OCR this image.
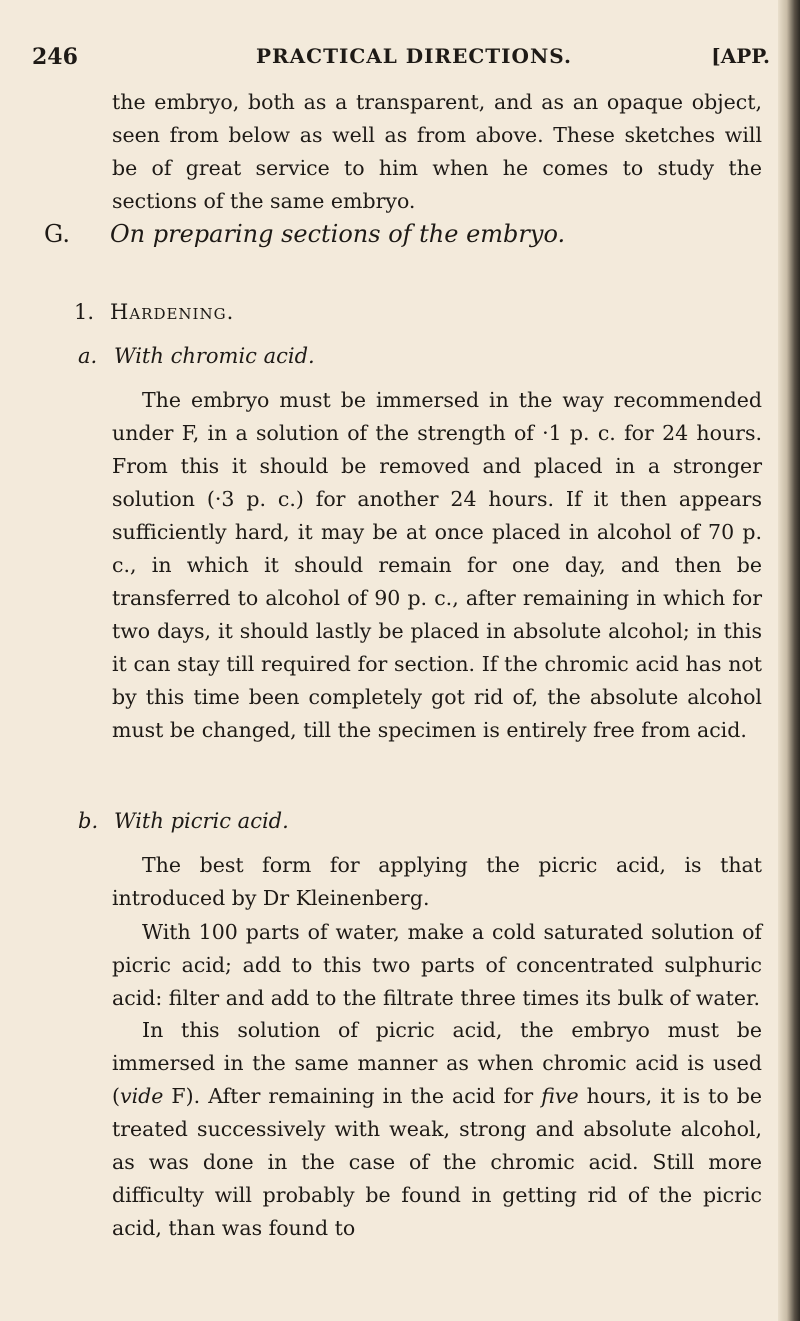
246	PRACTICAL DIRECTIONS.	[APP.

the embryo, both as a transparent, and as an opaque object, seen from below as well as from above. These sketches will be of great service to him when he comes to study the sections of the same embryo.

G. On preparing sections of the embryo.
1. Hardening.
a. With chromic acid.

The embryo must be immersed in the way recommended under F, in a solution of the strength of ·1 p. c. for 24 hours. From this it should be removed and placed in a stronger solution (·3 p. c.) for another 24 hours. If it then appears sufficiently hard, it may be at once placed in alcohol of 70 p. c., in which it should remain for one day, and then be transferred to alcohol of 90 p. c., after remaining in which for two days, it should lastly be placed in absolute alcohol; in this it can stay till required for section. If the chromic acid has not by this time been completely got rid of, the absolute alcohol must be changed, till the specimen is entirely free from acid.

b. With picric acid.

The best form for applying the picric acid, is that introduced by Dr Kleinenberg.

With 100 parts of water, make a cold saturated solution of picric acid; add to this two parts of concentrated sulphuric acid: filter and add to the filtrate three times its bulk of water.

In this solution of picric acid, the embryo must be immersed in the same manner as when chromic acid is used (vide F). After remaining in the acid for five hours, it is to be treated successively with weak, strong and absolute alcohol, as was done in the case of the chromic acid. Still more difficulty will probably be found in getting rid of the picric acid, than was found to
